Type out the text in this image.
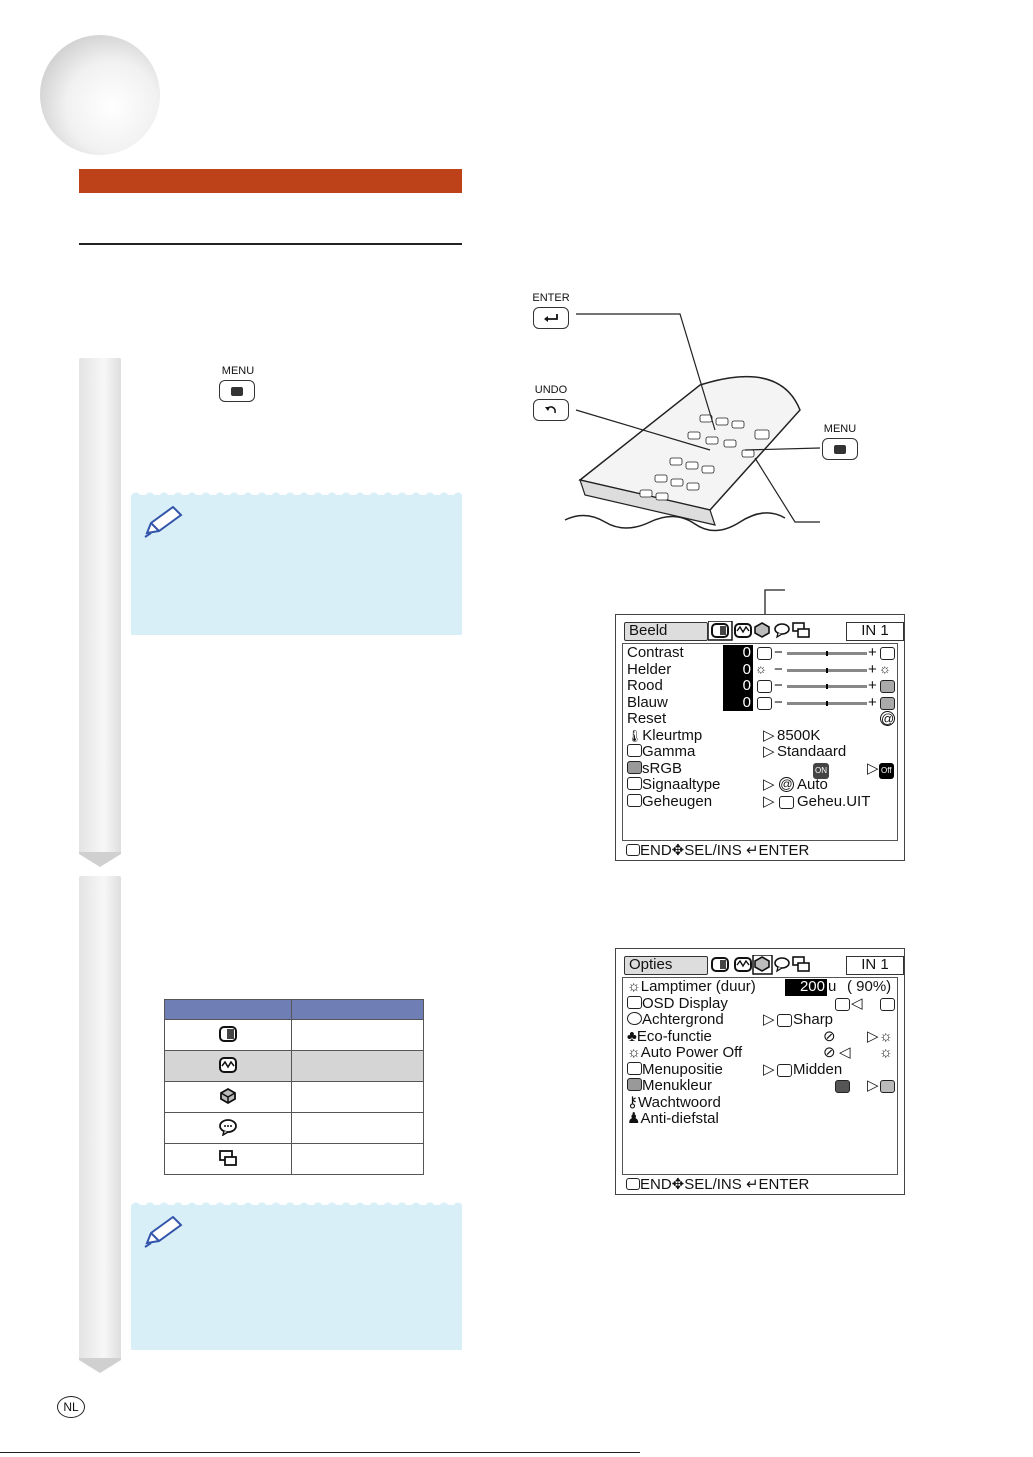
MENU

ENTER
UNDO
MENU
Beeld	IN 1
Contrast	0 −	+
Helder	0 ☼ −	+ ☼
Rood	0 −	+
Blauw	0 −	+
Reset	@
🌡Kleurtmp	▷ 8500K
Gamma	▷ Standaard
sRGB	ON	▷ Off
Signaaltype	▷ @ Auto
Geheugen	▷ Geheu.UIT
END✥SEL/INS ↵ENTER
Opties	IN 1
☼Lamptimer (duur)	200 u ( 90%)
OSD Display	◁
Achtergrond	▷ Sharp
♣Eco-functie	⊘ ▷ ☼
☼Auto Power Off	⊘ ◁ ☼
Menupositie	▷ Midden
Menukleur	▷
⚷Wachtwoord
♟Anti-diefstal
END✥SEL/INS ↵ENTER
NL
